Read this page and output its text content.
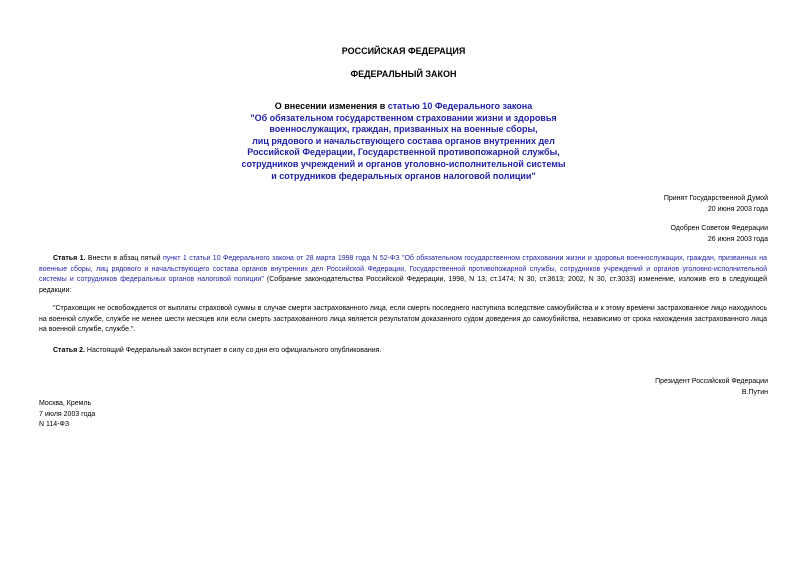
РОССИЙСКАЯ ФЕДЕРАЦИЯ
ФЕДЕРАЛЬНЫЙ ЗАКОН
О внесении изменения в статью 10 Федерального закона
"Об обязательном государственном страховании жизни и здоровья
военнослужащих, граждан, призванных на военные сборы,
лиц рядового и начальствующего состава органов внутренних дел
Российской Федерации, Государственной противопожарной службы,
сотрудников учреждений и органов уголовно-исполнительной системы
и сотрудников федеральных органов налоговой полиции"
Принят Государственной Думой
20 июня 2003 года
Одобрен Советом Федерации
26 июня 2003 года
Статья 1. Внести в абзац пятый пункт 1 статьи 10 Федерального закона от 28 марта 1998 года N 52-ФЗ "Об обязательном государственном страховании жизни и здоровья военнослужащих, граждан, призванных на военные сборы, лиц рядового и начальствующего состава органов внутренних дел Российской Федерации, Государственной противопожарной службы, сотрудников учреждений и органов уголовно-исполнительной системы и сотрудников федеральных органов налоговой полиции" (Собрание законодательства Российской Федерации, 1998, N 13, ст.1474; N 30, ст.3613; 2002, N 30, ст.3033) изменение, изложив его в следующей редакции:
"Страховщик не освобождается от выплаты страховой суммы в случае смерти застрахованного лица, если смерть последнего наступила вследствие самоубийства и к этому времени застрахованное лицо находилось на военной службе, службе не менее шести месяцев или если смерть застрахованного лица является результатом доказанного судом доведения до самоубийства, независимо от срока нахождения застрахованного лица на военной службе, службе.".
Статья 2. Настоящий Федеральный закон вступает в силу со дня его официального опубликования.
Президент Российской Федерации
В.Путин
Москва, Кремль
7 июля 2003 года
N 114-ФЗ
